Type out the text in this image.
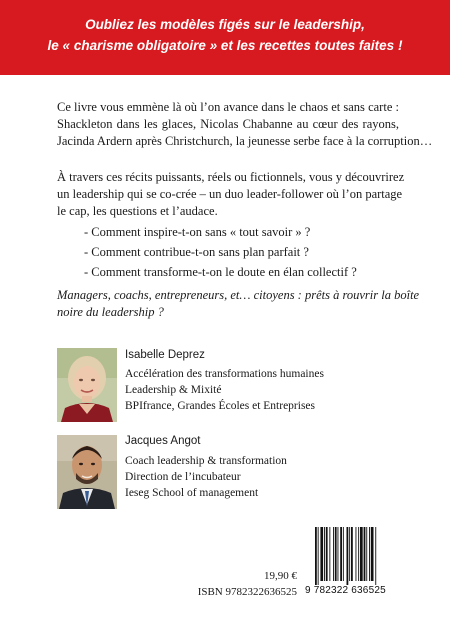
Oubliez les modèles figés sur le leadership,
le « charisme obligatoire » et les recettes toutes faites !

Ce livre vous emmène là où l’on avance dans le chaos et sans carte :
Shackleton dans les glaces, Nicolas Chabanne au cœur des rayons,
Jacinda Ardern après Christchurch, la jeunesse serbe face à la corruption…

À travers ces récits puissants, réels ou fictionnels, vous y découvrirez
un leadership qui se co-crée – un duo leader-follower où l’on partage
le cap, les questions et l’audace.

- Comment inspire-t-on sans « tout savoir » ?
- Comment contribue-t-on sans plan parfait ?
- Comment transforme-t-on le doute en élan collectif ?

Managers, coachs, entrepreneurs, et… citoyens : prêts à rouvrir la boîte
noire du leadership ?

Isabelle Deprez
Accélération des transformations humaines
Leadership & Mixité
BPIfrance, Grandes Écoles et Entreprises
Jacques Angot
Coach leadership & transformation
Direction de l’incubateur
Ieseg School of management
19,90 €
ISBN 9782322636525 9 782322 636525
